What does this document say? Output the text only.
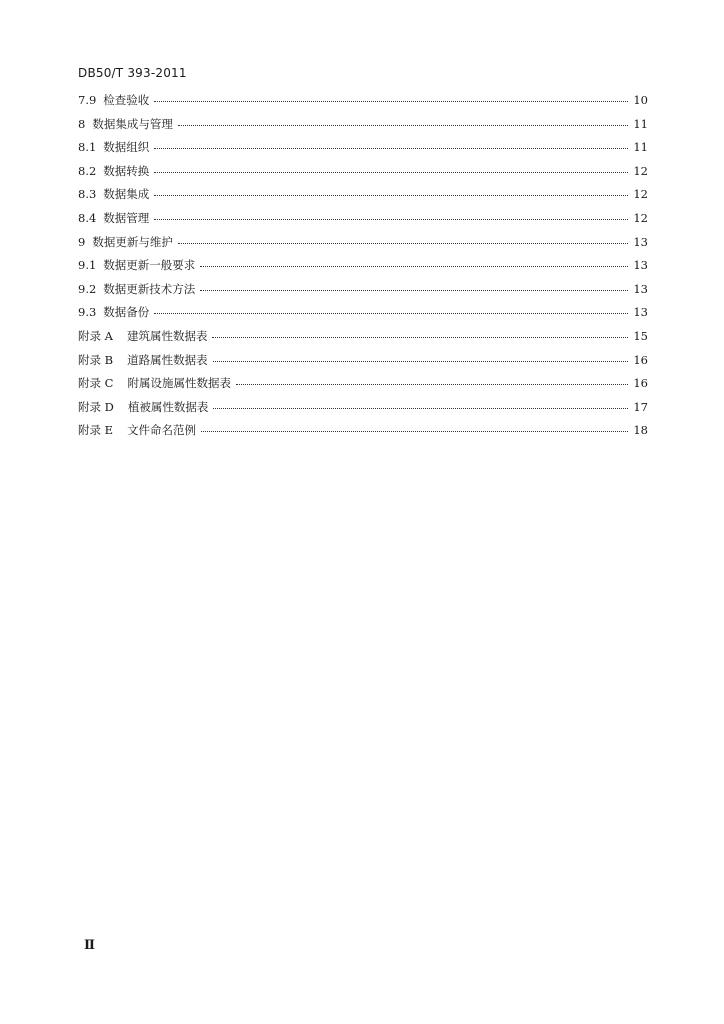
DB50/T 393-2011
7.9 检查验收	10
8 数据集成与管理	11
8.1 数据组织	11
8.2 数据转换	12
8.3 数据集成	12
8.4 数据管理	12
9 数据更新与维护	13
9.1 数据更新一般要求	13
9.2 数据更新技术方法	13
9.3 数据备份	13
附录 A 建筑属性数据表	15
附录 B 道路属性数据表	16
附录 C 附属设施属性数据表	16
附录 D 植被属性数据表	17
附录 E 文件命名范例	18
Ⅱ
